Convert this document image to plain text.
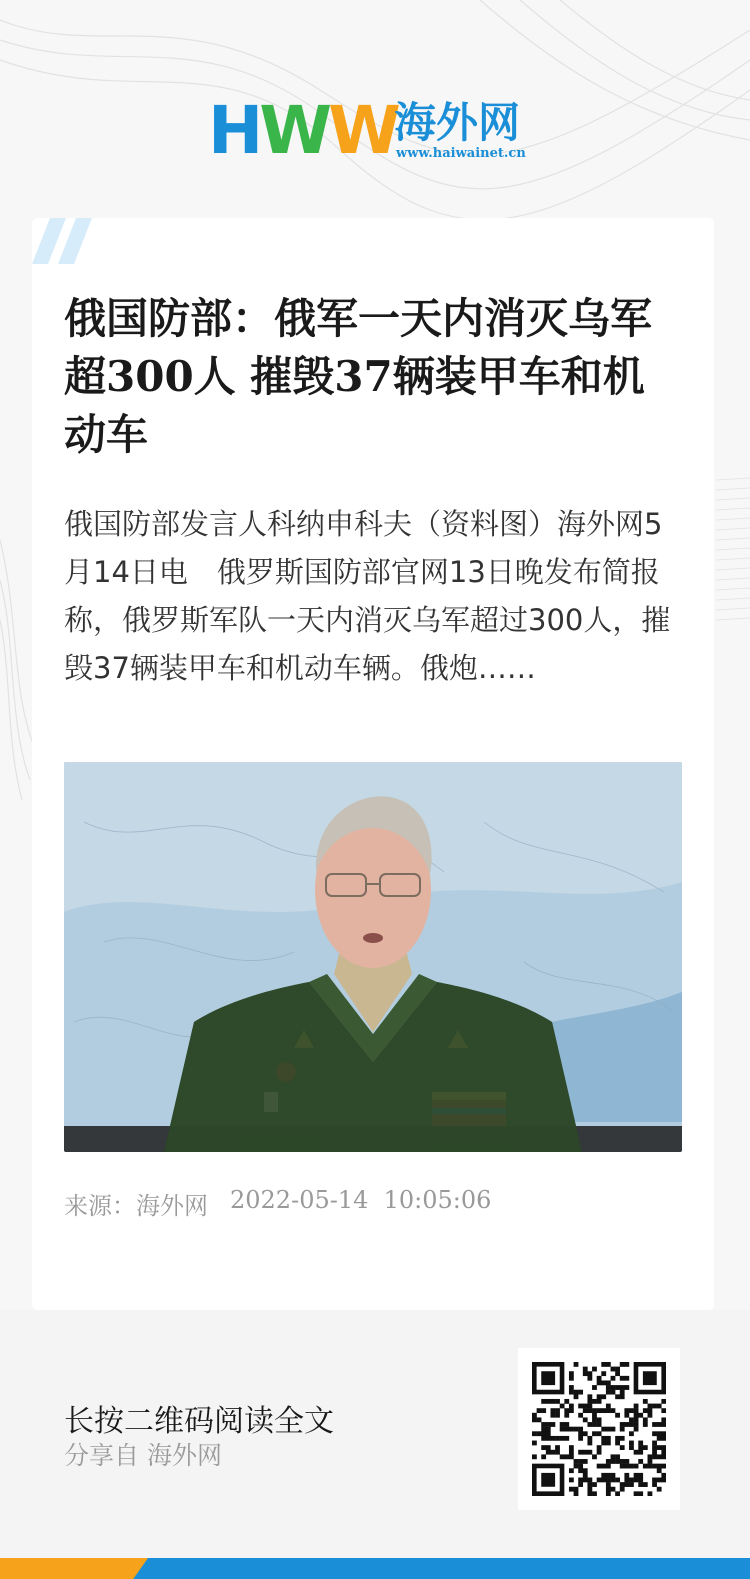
H W W
海外网
www.haiwainet.cn
俄国防部：俄军一天内消灭乌军超300人 摧毁37辆装甲车和机动车

俄国防部发言人科纳申科夫（资料图）海外网5月14日电　俄罗斯国防部官网13日晚发布简报称，俄罗斯军队一天内消灭乌军超过300人，摧毁37辆装甲车和机动车辆。俄炮……

来源：海外网 2022-05-14 10:05:06
长按二维码阅读全文
分享自 海外网
